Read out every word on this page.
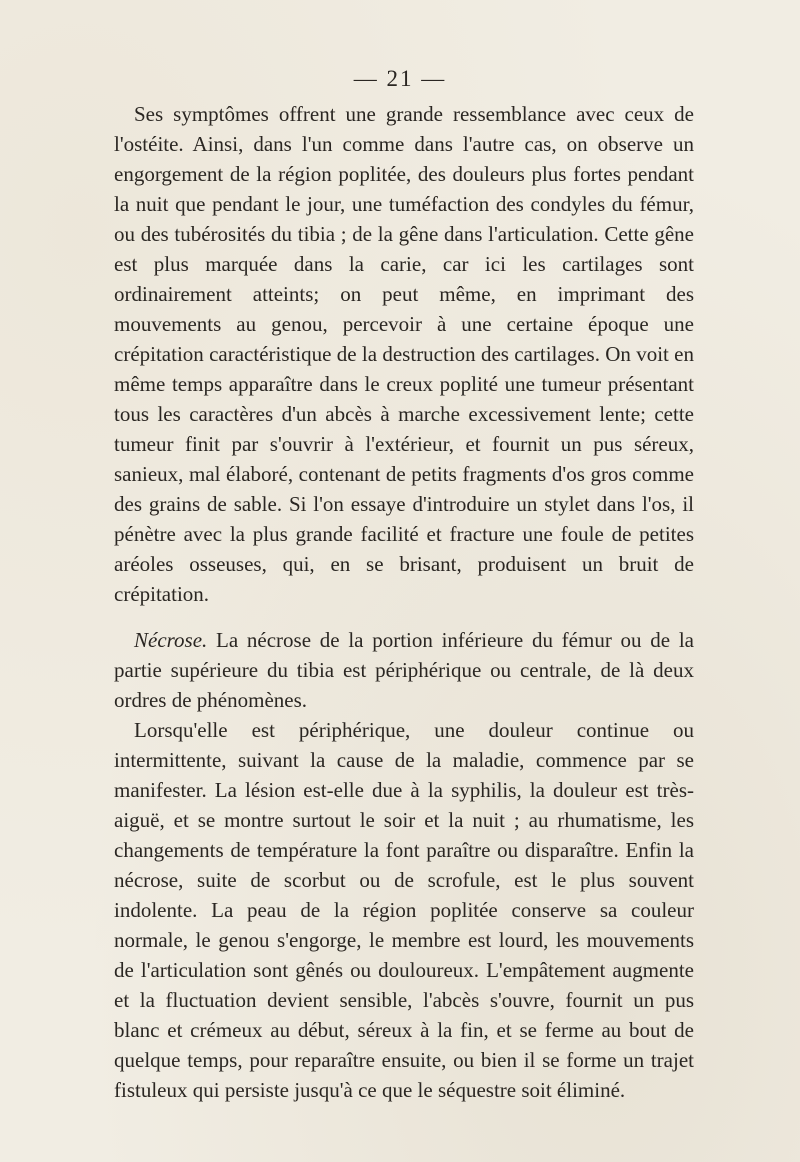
— 21 —

Ses symptômes offrent une grande ressemblance avec ceux de l'ostéite. Ainsi, dans l'un comme dans l'autre cas, on observe un engorgement de la région poplitée, des douleurs plus fortes pendant la nuit que pendant le jour, une tuméfaction des condyles du fémur, ou des tubérosités du tibia ; de la gêne dans l'articulation. Cette gêne est plus marquée dans la carie, car ici les cartilages sont ordinairement atteints; on peut même, en imprimant des mouvements au genou, percevoir à une certaine époque une crépitation caractéristique de la destruction des cartilages. On voit en même temps apparaître dans le creux poplité une tumeur présentant tous les caractères d'un abcès à marche excessivement lente; cette tumeur finit par s'ouvrir à l'extérieur, et fournit un pus séreux, sanieux, mal élaboré, contenant de petits fragments d'os gros comme des grains de sable. Si l'on essaye d'introduire un stylet dans l'os, il pénètre avec la plus grande facilité et fracture une foule de petites aréoles osseuses, qui, en se brisant, produisent un bruit de crépitation.

Nécrose. La nécrose de la portion inférieure du fémur ou de la partie supérieure du tibia est périphérique ou centrale, de là deux ordres de phénomènes.

Lorsqu'elle est périphérique, une douleur continue ou intermittente, suivant la cause de la maladie, commence par se manifester. La lésion est-elle due à la syphilis, la douleur est très-aiguë, et se montre surtout le soir et la nuit ; au rhumatisme, les changements de température la font paraître ou disparaître. Enfin la nécrose, suite de scorbut ou de scrofule, est le plus souvent indolente. La peau de la région poplitée conserve sa couleur normale, le genou s'engorge, le membre est lourd, les mouvements de l'articulation sont gênés ou douloureux. L'empâtement augmente et la fluctuation devient sensible, l'abcès s'ouvre, fournit un pus blanc et crémeux au début, séreux à la fin, et se ferme au bout de quelque temps, pour reparaître ensuite, ou bien il se forme un trajet fistuleux qui persiste jusqu'à ce que le séquestre soit éliminé.
